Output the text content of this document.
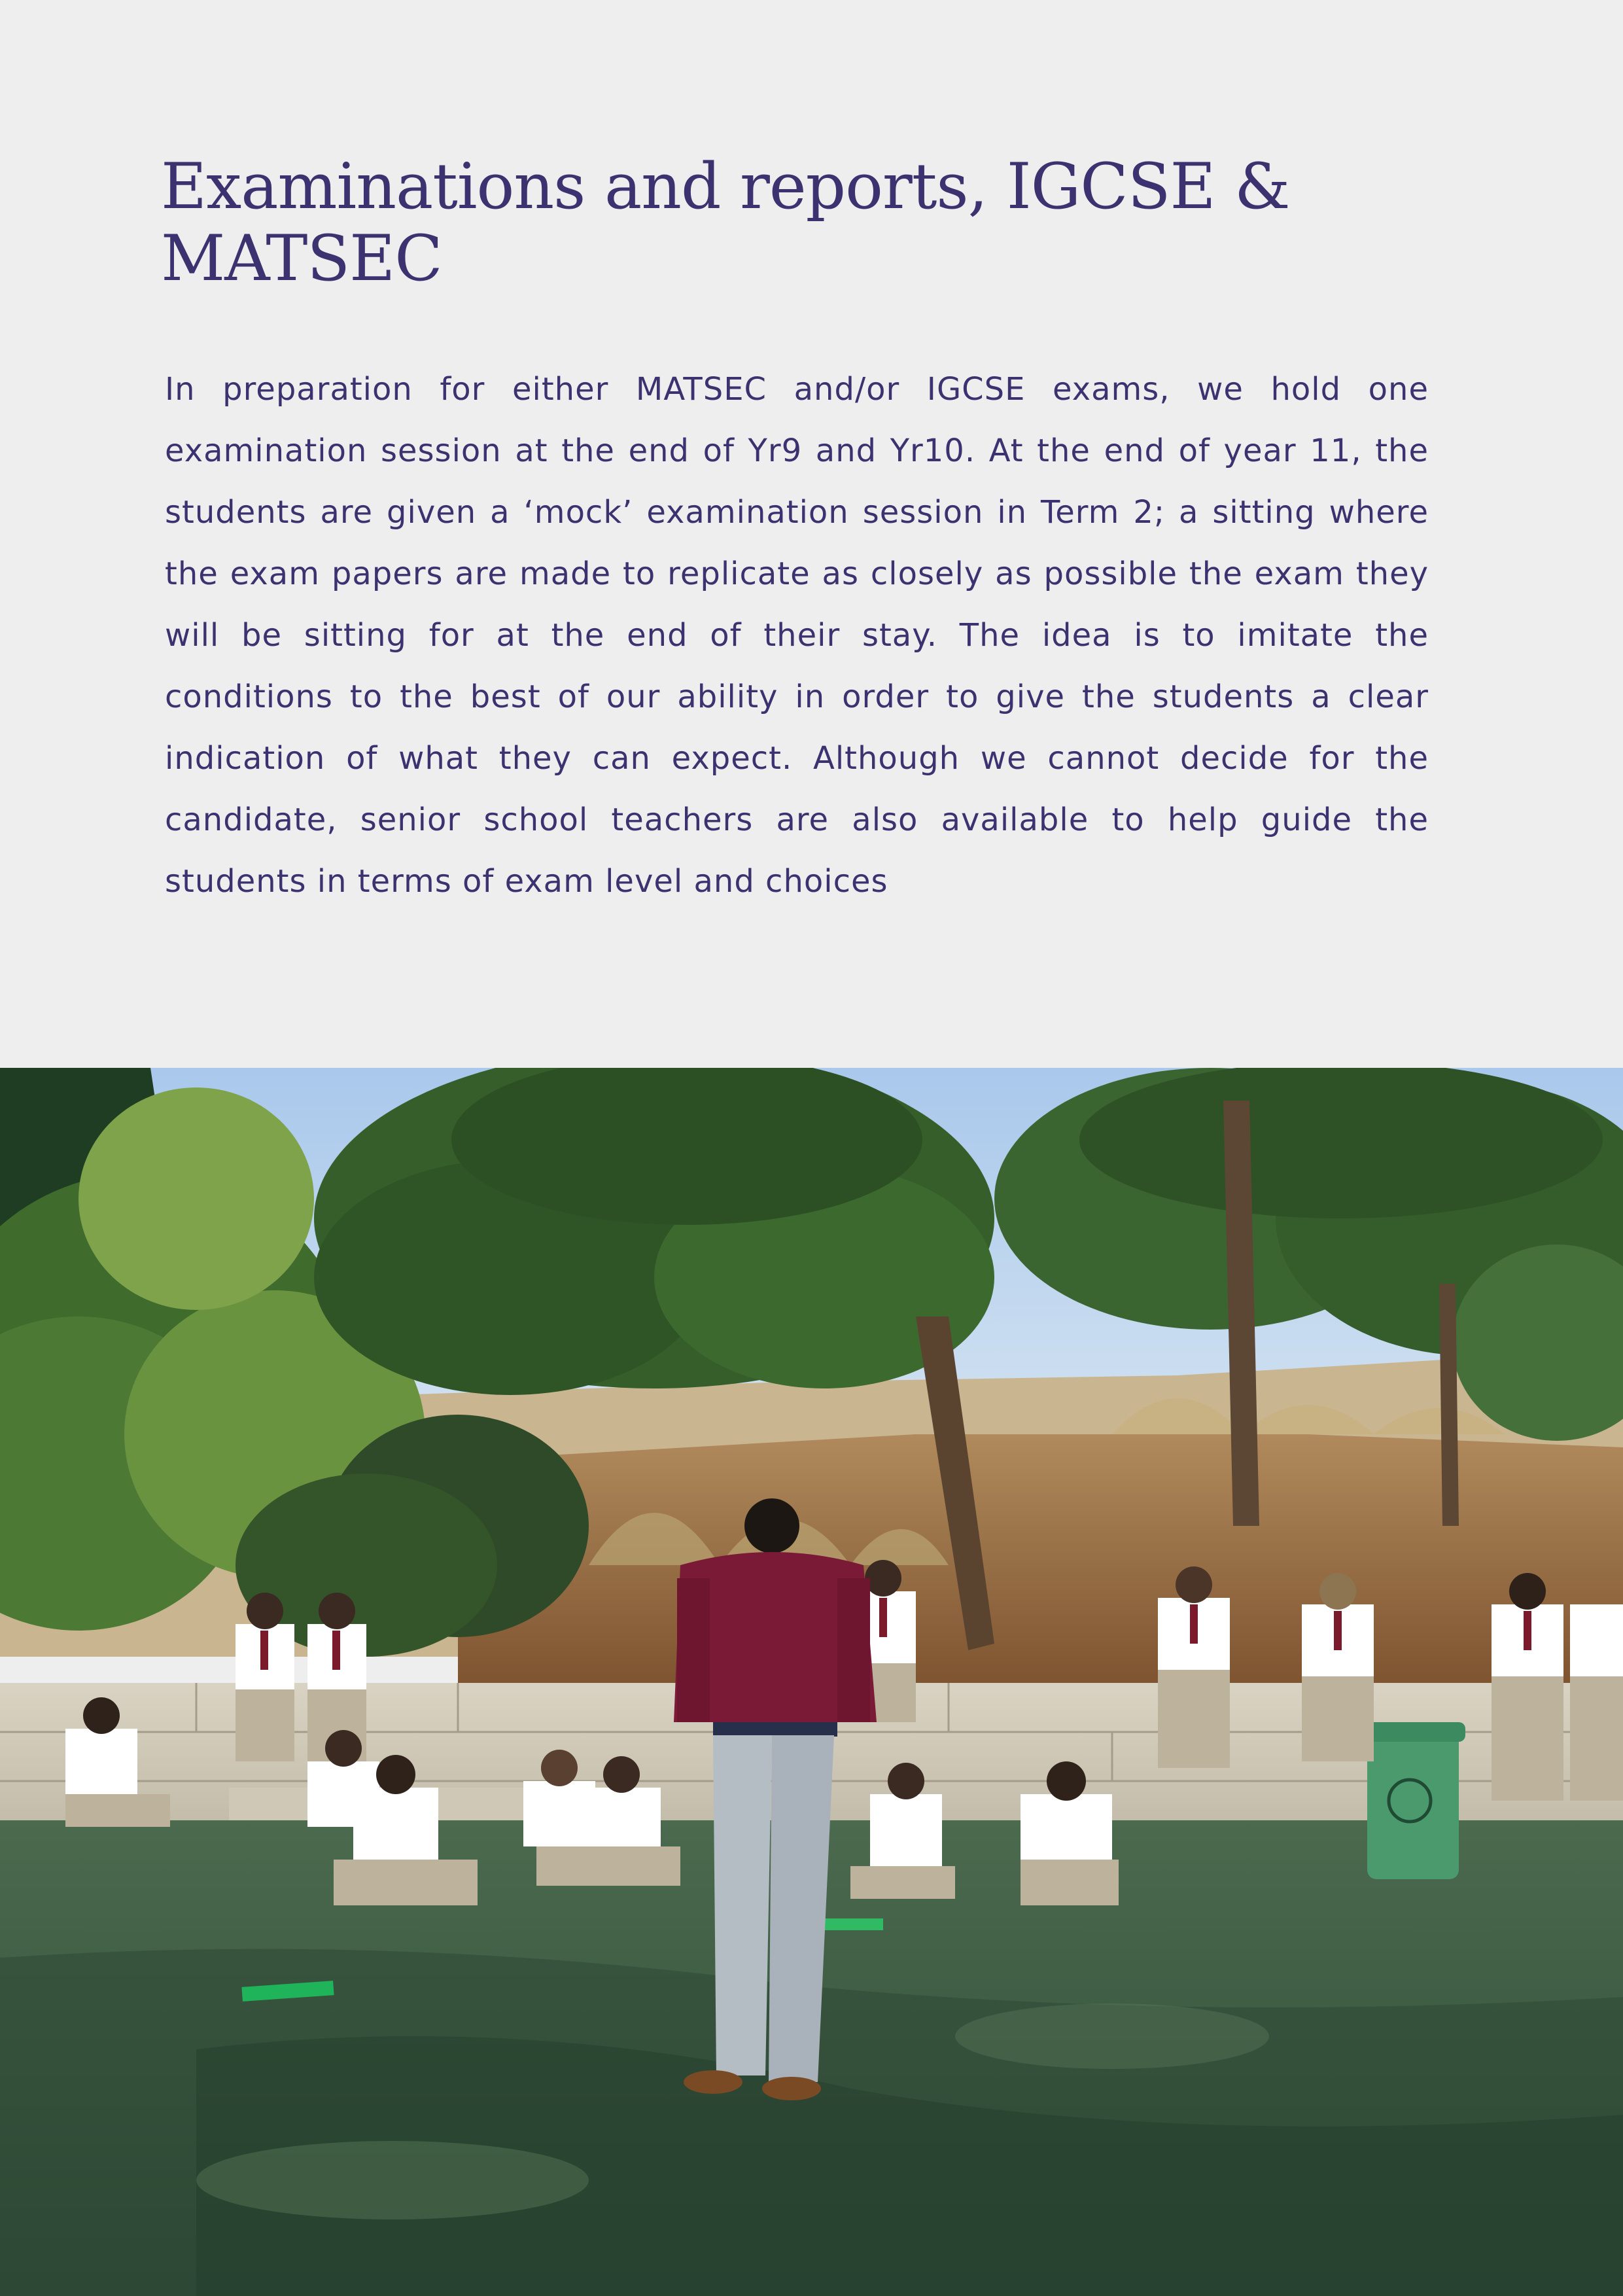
Examinations and reports, IGCSE & MATSEC

In preparation for either MATSEC and/or IGCSE exams, we hold one examination session at the end of Yr9 and Yr10. At the end of year 11, the students are given a ‘mock’ examination session in Term 2; a sitting where the exam papers are made to replicate as closely as possible the exam they will be sitting for at the end of their stay. The idea is to imitate the conditions to the best of our ability in order to give the students a clear indication of what they can expect. Although we cannot decide for the candidate, senior school teachers are also available to help guide the students in terms of exam level and choices
